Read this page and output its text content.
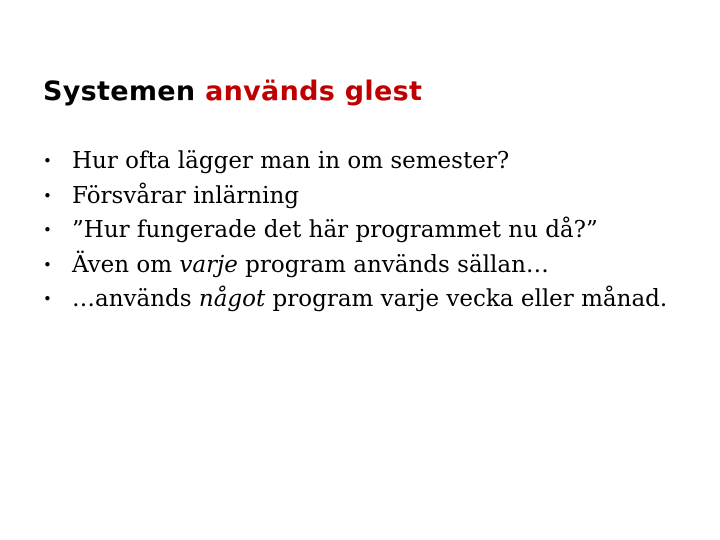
Systemen används glest
• Hur ofta lägger man in om semester?
• Försvårar inlärning
• ”Hur fungerade det här programmet nu då?”
• Även om varje program används sällan…
• …används något program varje vecka eller månad.
